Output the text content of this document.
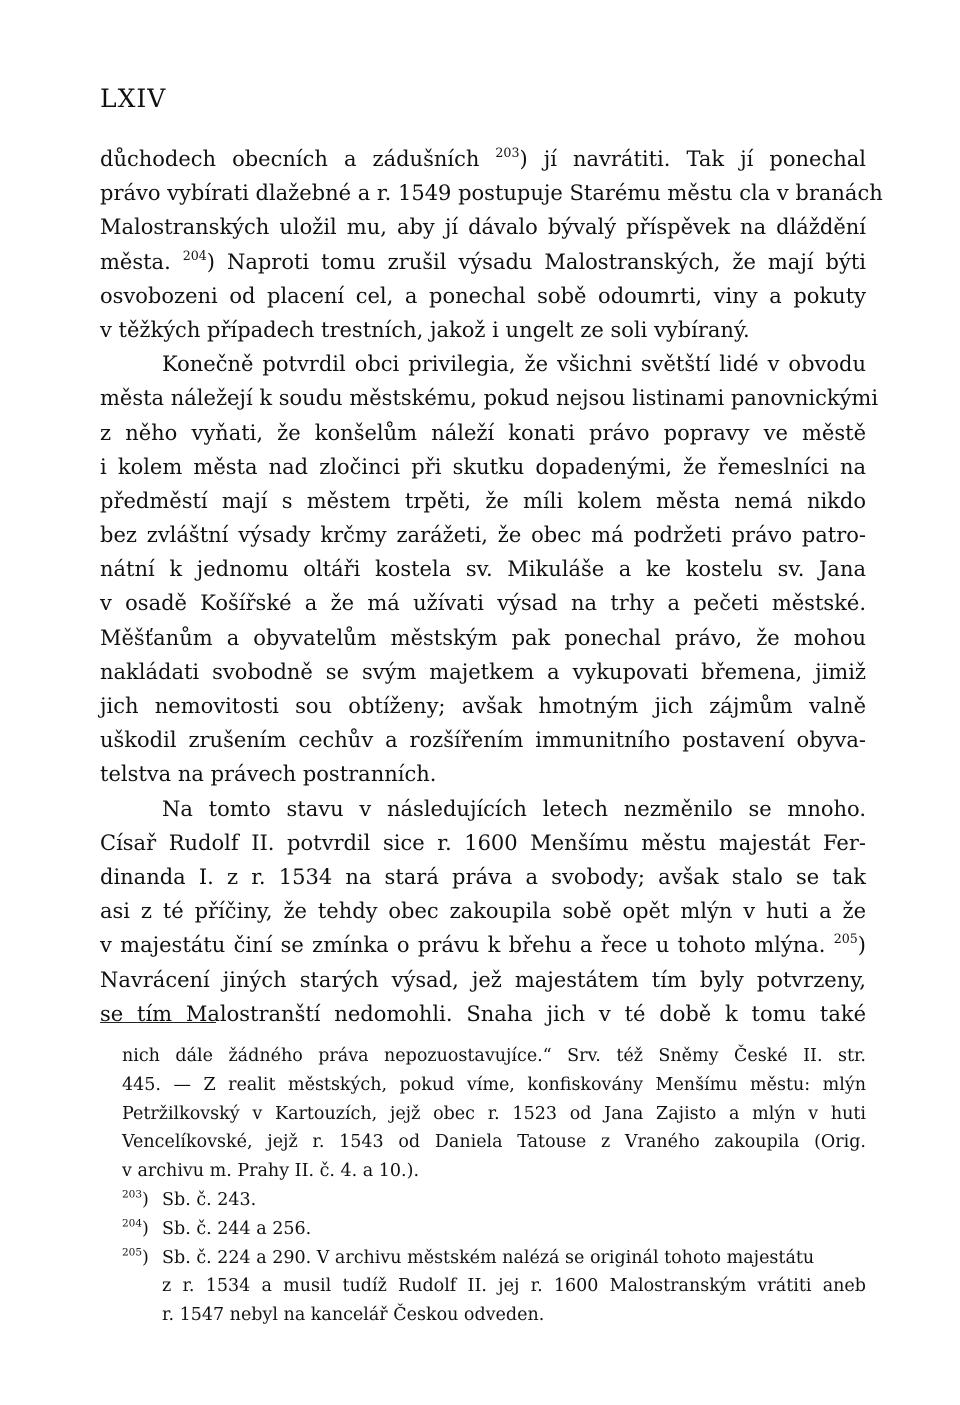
LXIV
důchodech obecních a zádušních $^{203}$) jí navrátiti. Tak jí ponechal
právo vybírati dlažebné a r. 1549 postupuje Starému městu cla v branách
Malostranských uložil mu, aby jí dávalo bývalý příspěvek na dláždění
města. $^{204}$) Naproti tomu zrušil výsadu Malostranských, že mají býti
osvobozeni od placení cel, a ponechal sobě odoumrti, viny a pokuty
v těžkých případech trestních, jakož i ungelt ze soli vybíraný.
Konečně potvrdil obci privilegia, že všichni světští lidé v obvodu
města náležejí k soudu městskému, pokud nejsou listinami panovnickými
z něho vyňati, že konšelům náleží konati právo popravy ve městě
i kolem města nad zločinci při skutku dopadenými, že řemeslníci na
předměstí mají s městem trpěti, že míli kolem města nemá nikdo
bez zvláštní výsady krčmy zarážeti, že obec má podržeti právo patro-
nátní k jednomu oltáři kostela sv. Mikuláše a ke kostelu sv. Jana
v osadě Košířské a že má užívati výsad na trhy a pečeti městské.
Měšťanům a obyvatelům městským pak ponechal právo, že mohou
nakládati svobodně se svým majetkem a vykupovati břemena, jimiž
jich nemovitosti sou obtíženy; avšak hmotným jich zájmům valně
uškodil zrušením cechův a rozšířením immunitního postavení obyva-
telstva na právech postranních.
Na tomto stavu v následujících letech nezměnilo se mnoho.
Císař Rudolf II. potvrdil sice r. 1600 Menšímu městu majestát Fer-
dinanda I. z r. 1534 na stará práva a svobody; avšak stalo se tak
asi z té příčiny, že tehdy obec zakoupila sobě opět mlýn v huti a že
v majestátu činí se zmínka o právu k břehu a řece u tohoto mlýna. $^{205}$)
Navrácení jiných starých výsad, jež majestátem tím byly potvrzeny,
se tím Malostranští nedomohli. Snaha jich v té době k tomu také
nich dále žádného práva nepozuostavujíce.“ Srv. též Sněmy České II. str.
445. — Z realit městských, pokud víme, konfiskovány Menšímu městu: mlýn
Petržilkovský v Kartouzích, jejž obec r. 1523 od Jana Zajisto a mlýn v huti
Vencelíkovské, jejž r. 1543 od Daniela Tatouse z Vraného zakoupila (Orig.
v archivu m. Prahy II. č. 4. a 10.).
$^{203}$) Sb. č. 243.
$^{204}$) Sb. č. 244 a 256.
$^{205}$) Sb. č. 224 a 290. V archivu městském nalézá se originál tohoto majestátu
z r. 1534 a musil tudíž Rudolf II. jej r. 1600 Malostranským vrátiti aneb
r. 1547 nebyl na kancelář Českou odveden.
